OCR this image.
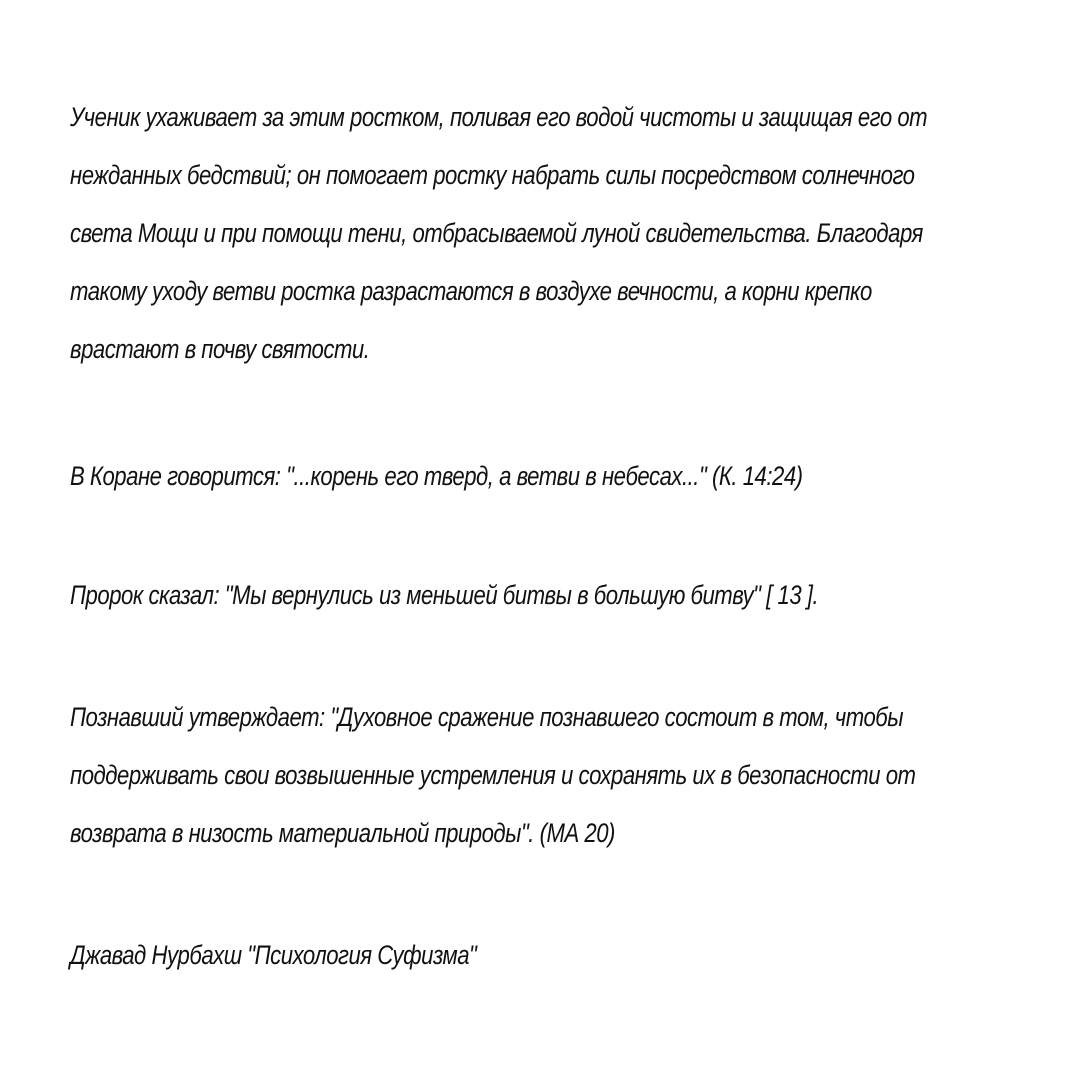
Ученик ухаживает за этим ростком, поливая его водой чистоты и защищая его от
нежданных бедствий; он помогает ростку набрать силы посредством солнечного
света Мощи и при помощи тени, отбрасываемой луной свидетельства. Благодаря
такому уходу ветви ростка разрастаются в воздухе вечности, а корни крепко
врастают в почву святости.

В Коране говорится: "...корень его тверд, а ветви в небесах..." (К. 14:24)

Пророк сказал: "Мы вернулись из меньшей битвы в большую битву" [ 13 ].

Познавший утверждает: "Духовное сражение познавшего состоит в том, чтобы
поддерживать свои возвышенные устремления и сохранять их в безопасности от
возврата в низость материальной природы". (МА 20)

Джавад Нурбахш "Психология Суфизма"
